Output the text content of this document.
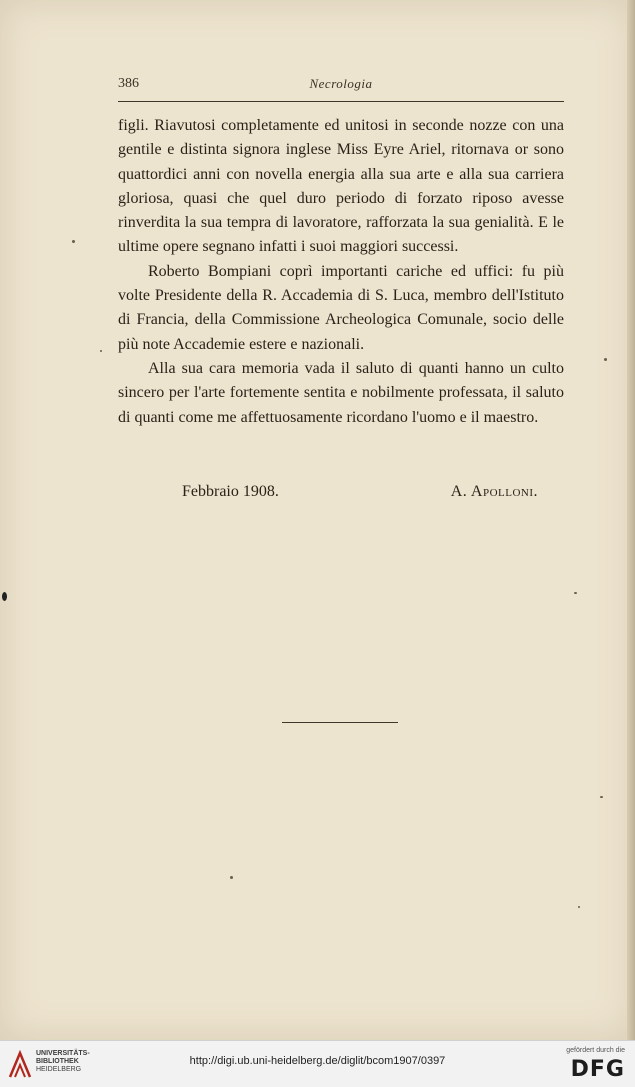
386	Necrologia

figli. Riavutosi completamente ed unitosi in seconde nozze con una gentile e distinta signora inglese Miss Eyre Ariel, ritornava or sono quattordici anni con novella energia alla sua arte e alla sua carriera gloriosa, quasi che quel duro periodo di forzato riposo avesse rinverdita la sua tempra di lavoratore, rafforzata la sua genialità. E le ultime opere segnano infatti i suoi maggiori successi.

Roberto Bompiani coprì importanti cariche ed uffici: fu più volte Presidente della R. Accademia di S. Luca, membro dell'Istituto di Francia, della Commissione Archeologica Comunale, socio delle più note Accademie estere e nazionali.

Alla sua cara memoria vada il saluto di quanti hanno un culto sincero per l'arte fortemente sentita e nobilmente professata, il saluto di quanti come me affettuosamente ricordano l'uomo e il maestro.

Febbraio 1908.	A. Apolloni.
UNIVERSITÄTS-
BIBLIOTHEK
HEIDELBERG
http://digi.ub.uni-heidelberg.de/diglit/bcom1907/0397
gefördert durch die
DFG
